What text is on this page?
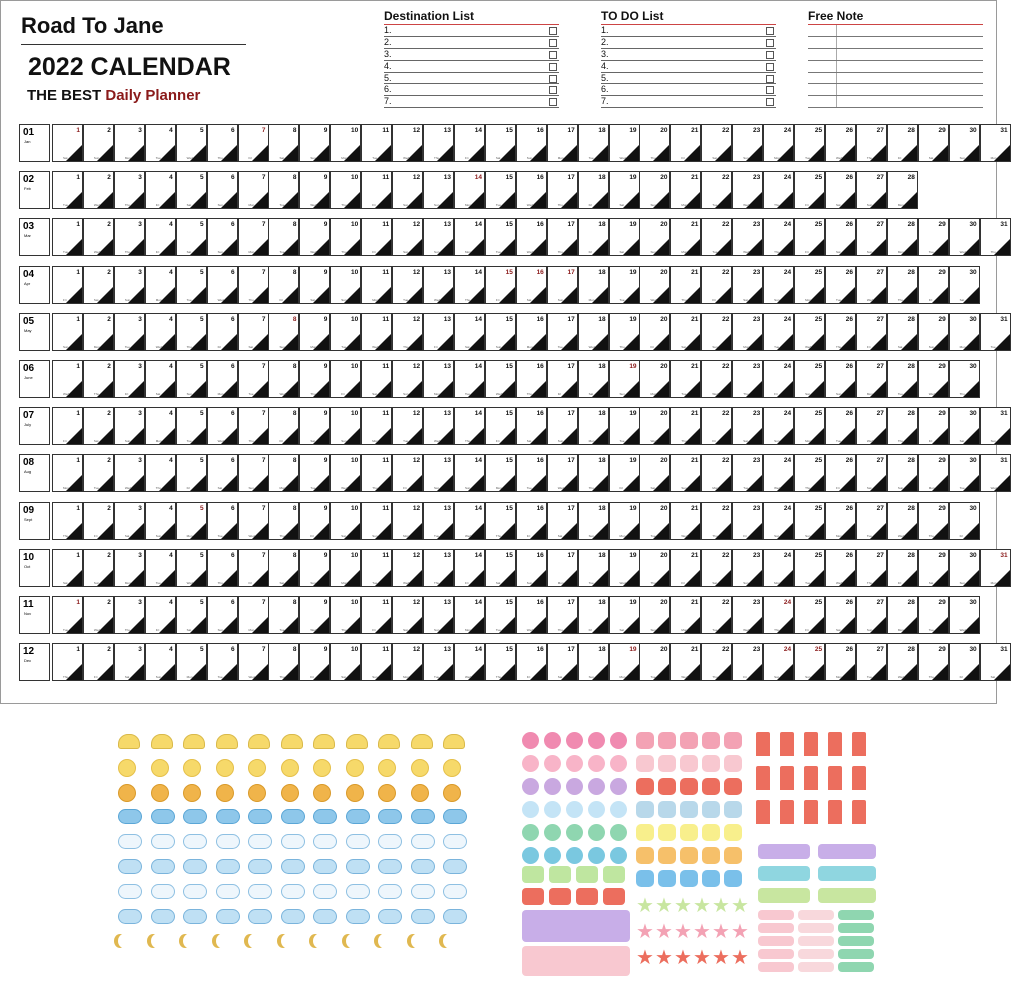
Road To Jane
2022 CALENDAR
THE BEST Daily Planner
Destination List
1.
2.
3.
4.
5.
6.
7.
TO DO List
1.
2.
3.
4.
5.
6.
7.
Free Note
01
Jan
1
Sat
2
Sun
3
Mon
4
Tue
5
Wed
6
Thu
7
Fri
8
Sat
9
Sun
10
Mon
11
Tue
12
Wed
13
Thu
14
Fri
15
Sat
16
Sun
17
Mon
18
Tue
19
Wed
20
Thu
21
Fri
22
Sat
23
Sun
24
Mon
25
Tue
26
Wed
27
Thu
28
Fri
29
Sat
30
Sun
31
Mon
02
Feb
1
Tue
2
Wed
3
Thu
4
Fri
5
Sat
6
Sun
7
Mon
8
Tue
9
Wed
10
Thu
11
Fri
12
Sat
13
Sun
14
Mon
15
Tue
16
Wed
17
Thu
18
Fri
19
Sat
20
Sun
21
Mon
22
Tue
23
Wed
24
Thu
25
Fri
26
Sat
27
Sun
28
Mon
03
Mar
1
Tue
2
Wed
3
Thu
4
Fri
5
Sat
6
Sun
7
Mon
8
Tue
9
Wed
10
Thu
11
Fri
12
Sat
13
Sun
14
Mon
15
Tue
16
Wed
17
Thu
18
Fri
19
Sat
20
Sun
21
Mon
22
Tue
23
Wed
24
Thu
25
Fri
26
Sat
27
Sun
28
Mon
29
Tue
30
Wed
31
Thu
04
Apr
1
Fri
2
Sat
3
Sun
4
Mon
5
Tue
6
Wed
7
Thu
8
Fri
9
Sat
10
Sun
11
Mon
12
Tue
13
Wed
14
Thu
15
Fri
16
Sat
17
Sun
18
Mon
19
Tue
20
Wed
21
Thu
22
Fri
23
Sat
24
Sun
25
Mon
26
Tue
27
Wed
28
Thu
29
Fri
30
Sat
05
May
1
Sun
2
Mon
3
Tue
4
Wed
5
Thu
6
Fri
7
Sat
8
Sun
9
Mon
10
Tue
11
Wed
12
Thu
13
Fri
14
Sat
15
Sun
16
Mon
17
Tue
18
Wed
19
Thu
20
Fri
21
Sat
22
Sun
23
Mon
24
Tue
25
Wed
26
Thu
27
Fri
28
Sat
29
Sun
30
Mon
31
Tue
06
June
1
Wed
2
Thu
3
Fri
4
Sat
5
Sun
6
Mon
7
Tue
8
Wed
9
Thu
10
Fri
11
Sat
12
Sun
13
Mon
14
Tue
15
Wed
16
Thu
17
Fri
18
Sat
19
Sun
20
Mon
21
Tue
22
Wed
23
Thu
24
Fri
25
Sat
26
Sun
27
Mon
28
Tue
29
Wed
30
Thu
07
July
1
Fri
2
Sat
3
Sun
4
Mon
5
Tue
6
Wed
7
Thu
8
Fri
9
Sat
10
Sun
11
Mon
12
Tue
13
Wed
14
Thu
15
Fri
16
Sat
17
Sun
18
Mon
19
Tue
20
Wed
21
Thu
22
Fri
23
Sat
24
Sun
25
Mon
26
Tue
27
Wed
28
Thu
29
Fri
30
Sat
31
Sun
08
Aug
1
Mon
2
Tue
3
Wed
4
Thu
5
Fri
6
Sat
7
Sun
8
Mon
9
Tue
10
Wed
11
Thu
12
Fri
13
Sat
14
Sun
15
Mon
16
Tue
17
Wed
18
Thu
19
Fri
20
Sat
21
Sun
22
Mon
23
Tue
24
Wed
25
Thu
26
Fri
27
Sat
28
Sun
29
Mon
30
Tue
31
Wed
09
Sept
1
Thu
2
Fri
3
Sat
4
Sun
5
Mon
6
Tue
7
Wed
8
Thu
9
Fri
10
Sat
11
Sun
12
Mon
13
Tue
14
Wed
15
Thu
16
Fri
17
Sat
18
Sun
19
Mon
20
Tue
21
Wed
22
Thu
23
Fri
24
Sat
25
Sun
26
Mon
27
Tue
28
Wed
29
Thu
30
Fri
10
Oct
1
Sat
2
Sun
3
Mon
4
Tue
5
Wed
6
Thu
7
Fri
8
Sat
9
Sun
10
Mon
11
Tue
12
Wed
13
Thu
14
Fri
15
Sat
16
Sun
17
Mon
18
Tue
19
Wed
20
Thu
21
Fri
22
Sat
23
Sun
24
Mon
25
Tue
26
Wed
27
Thu
28
Fri
29
Sat
30
Sun
31
Mon
11
Nov
1
Tue
2
Wed
3
Thu
4
Fri
5
Sat
6
Sun
7
Mon
8
Tue
9
Wed
10
Thu
11
Fri
12
Sat
13
Sun
14
Mon
15
Tue
16
Wed
17
Thu
18
Fri
19
Sat
20
Sun
21
Mon
22
Tue
23
Wed
24
Thu
25
Fri
26
Sat
27
Sun
28
Mon
29
Tue
30
Wed
12
Dec
1
Thu
2
Fri
3
Sat
4
Sun
5
Mon
6
Tue
7
Wed
8
Thu
9
Fri
10
Sat
11
Sun
12
Mon
13
Tue
14
Wed
15
Thu
16
Fri
17
Sat
18
Sun
19
Mon
20
Tue
21
Wed
22
Thu
23
Fri
24
Sat
25
Sun
26
Mon
27
Tue
28
Wed
29
Thu
30
Fri
31
Sat
★ ★ ★ ★ ★ ★
★ ★ ★ ★ ★ ★
★ ★ ★ ★ ★ ★
